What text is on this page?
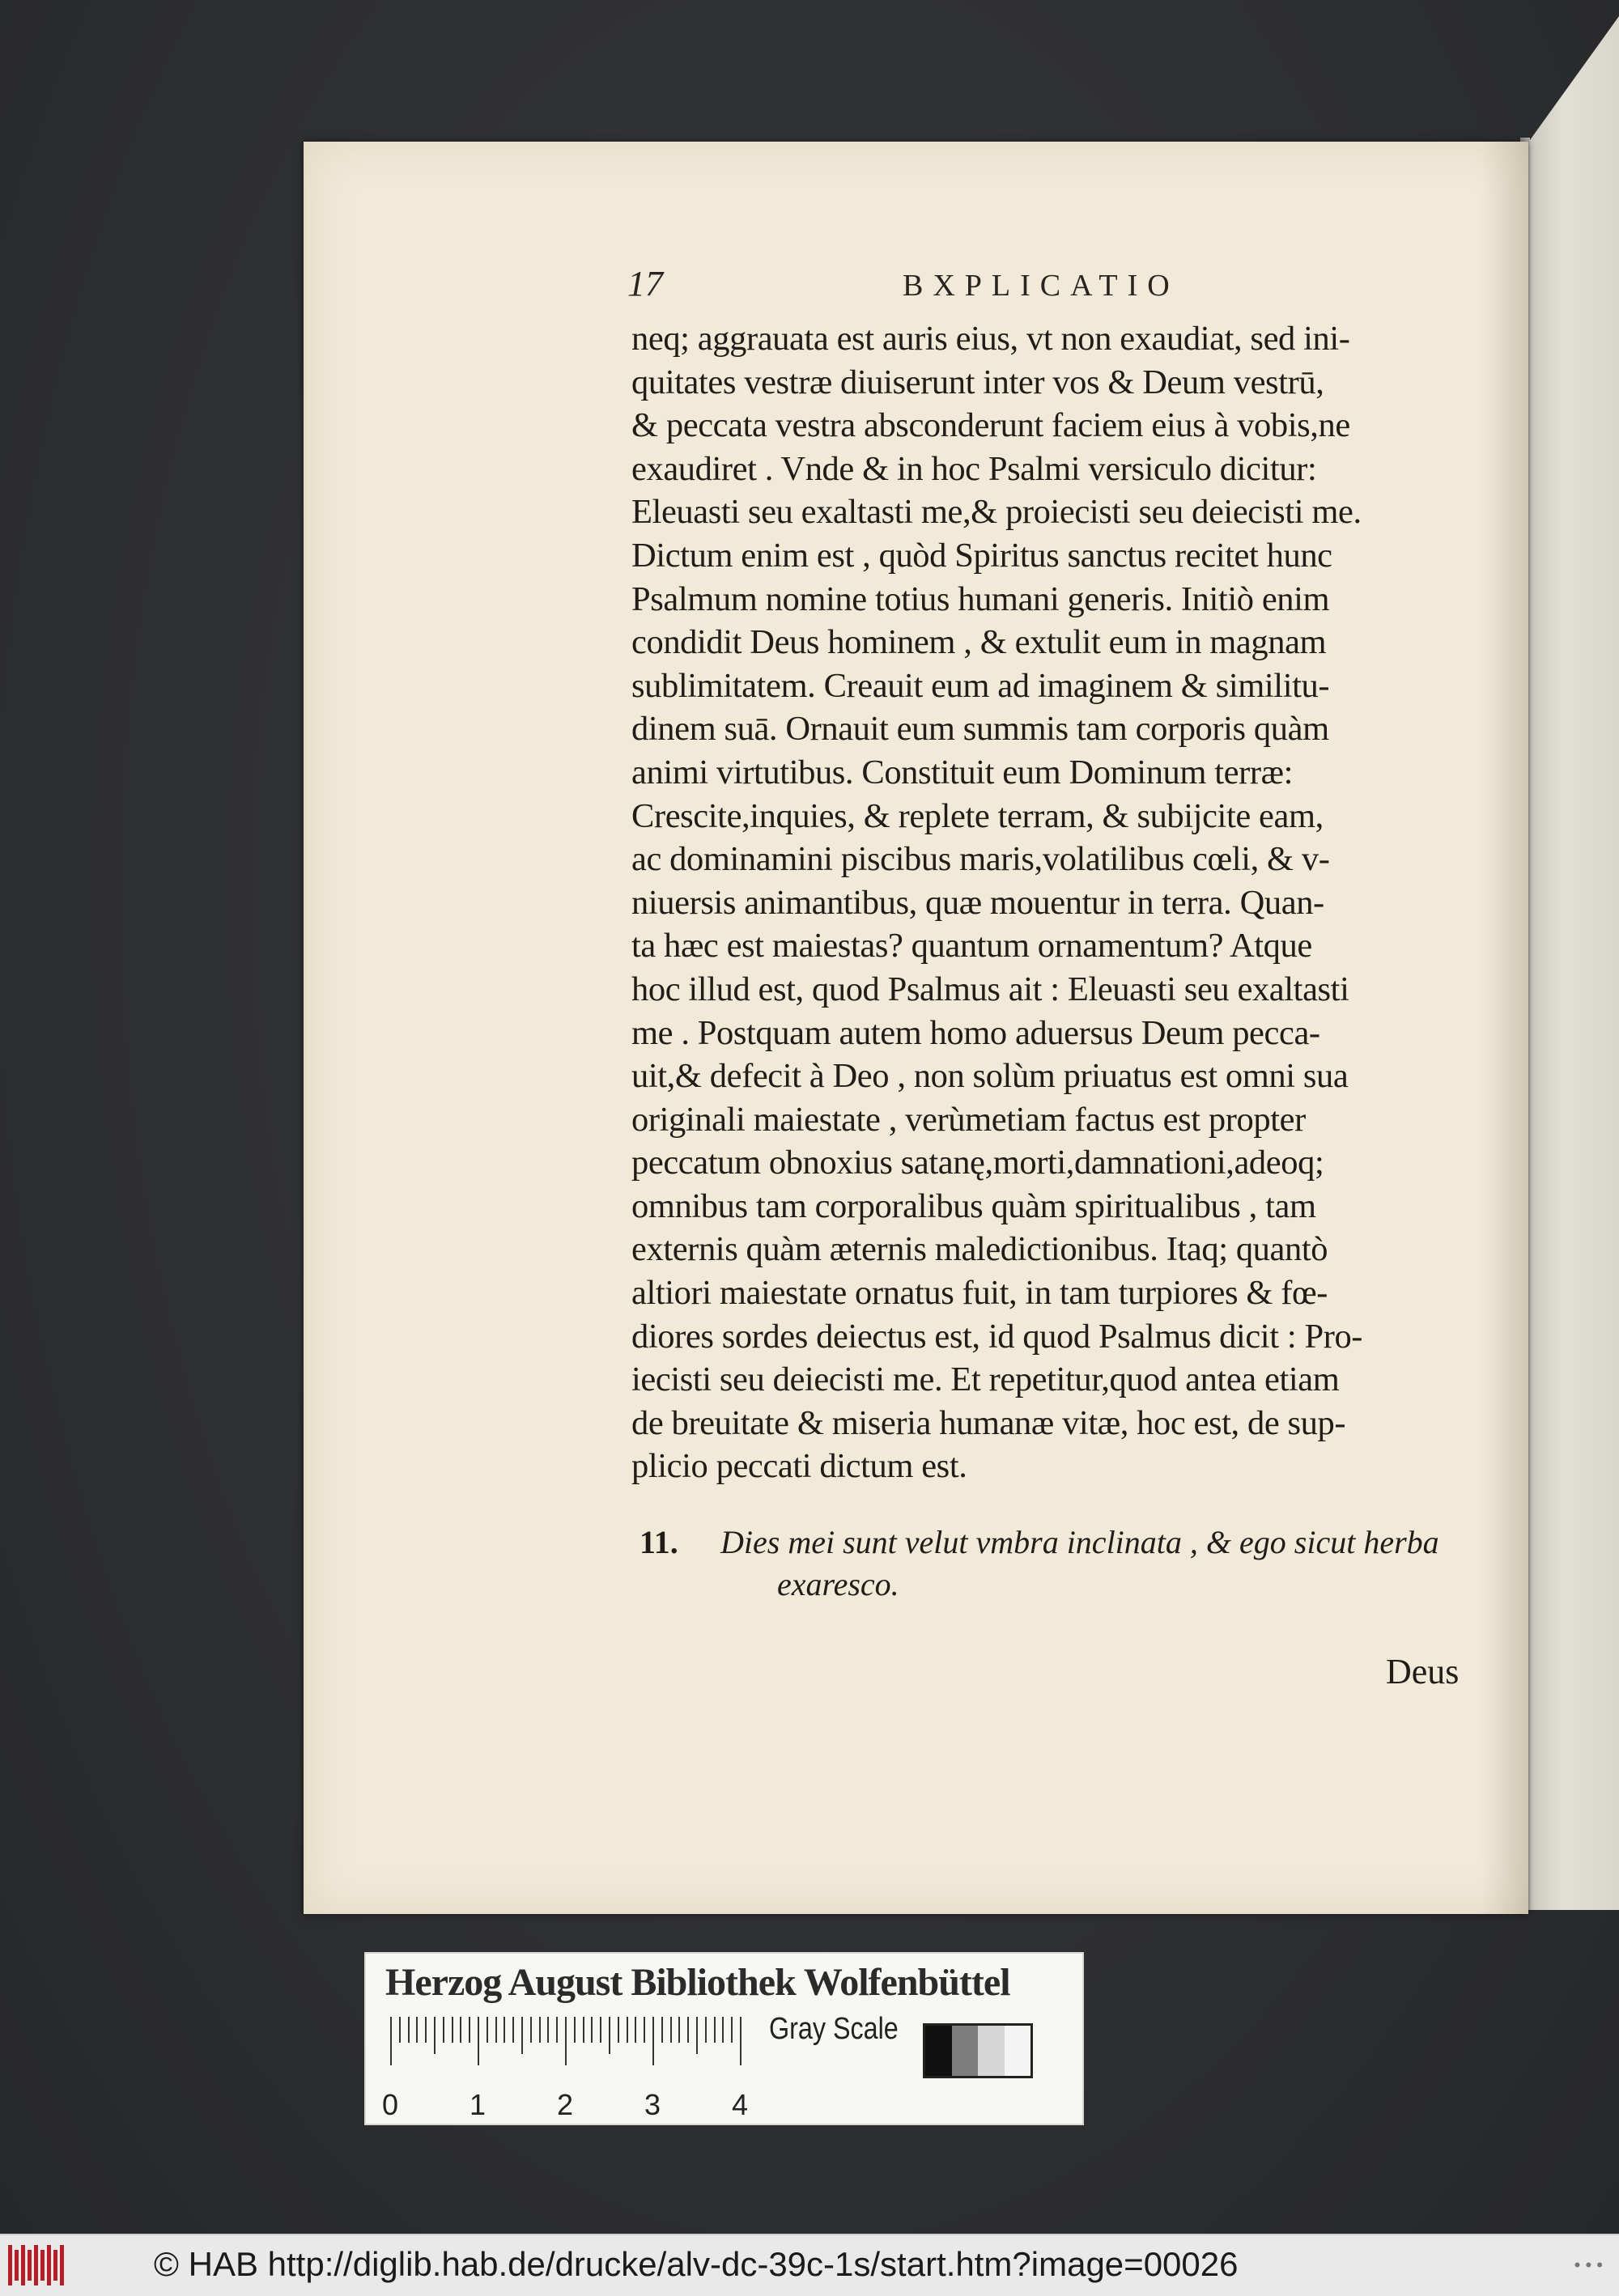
17	BXPLICATIO
neq; aggrauata est auris eius, vt non exaudiat, sed ini-
quitates vestræ diuiserunt inter vos & Deum vestrū,
& peccata vestra absconderunt faciem eius à vobis,ne
exaudiret . Vnde & in hoc Psalmi versiculo dicitur:
Eleuasti seu exaltasti me,& proiecisti seu deiecisti me.
Dictum enim est , quòd Spiritus sanctus recitet hunc
Psalmum nomine totius humani generis. Initiò enim
condidit Deus hominem , & extulit eum in magnam
sublimitatem. Creauit eum ad imaginem & similitu-
dinem suā. Ornauit eum summis tam corporis quàm
animi virtutibus. Constituit eum Dominum terræ:
Crescite,inquies, & replete terram, & subijcite eam,
ac dominamini piscibus maris,volatilibus cœli, & v-
niuersis animantibus, quæ mouentur in terra. Quan-
ta hæc est maiestas? quantum ornamentum? Atque
hoc illud est, quod Psalmus ait : Eleuasti seu exaltasti
me . Postquam autem homo aduersus Deum pecca-
uit,& defecit à Deo , non solùm priuatus est omni sua
originali maiestate , verùmetiam factus est propter
peccatum obnoxius satanę,morti,damnationi,adeoq;
omnibus tam corporalibus quàm spiritualibus , tam
externis quàm æternis maledictionibus. Itaq; quantò
altiori maiestate ornatus fuit, in tam turpiores & fœ-
diores sordes deiectus est, id quod Psalmus dicit : Pro-
iecisti seu deiecisti me. Et repetitur,quod antea etiam
de breuitate & miseria humanæ vitæ, hoc est, de sup-
plicio peccati dictum est.
11. Dies mei sunt velut vmbra inclinata , & ego sicut herba
exaresco.
Deus
Herzog August Bibliothek Wolfenbüttel
0 1 2 3 4
Gray Scale
© HAB http://diglib.hab.de/drucke/alv-dc-39c-1s/start.htm?image=00026	• • •
